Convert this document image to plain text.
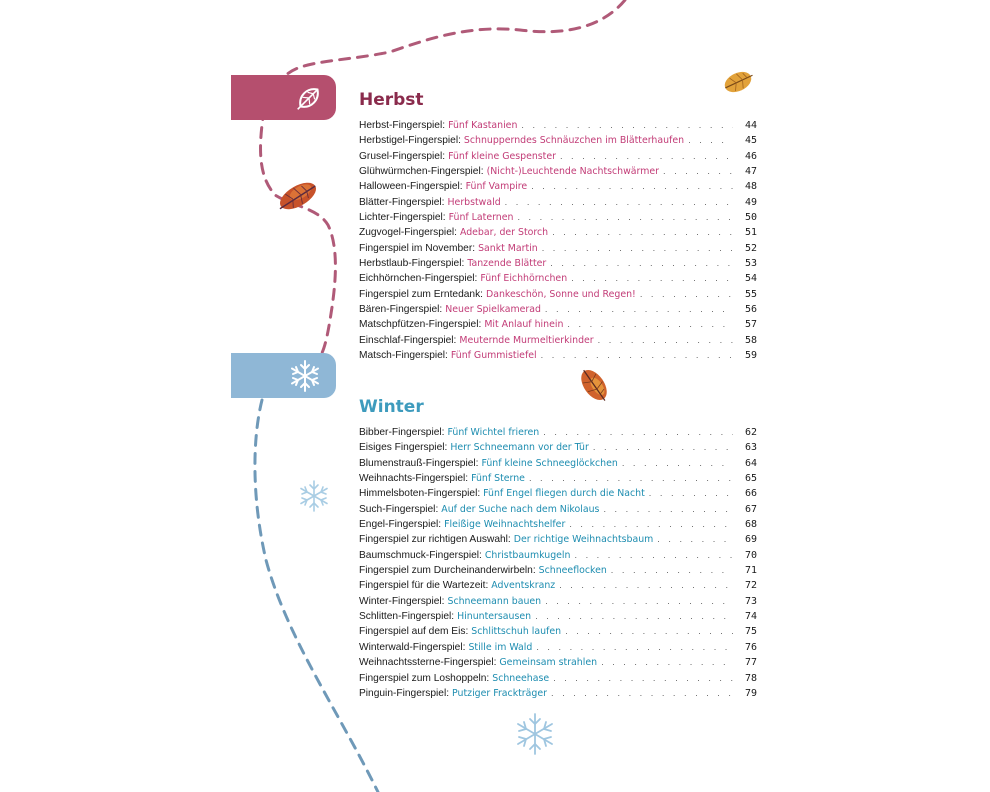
Herbst
Herbst-Fingerspiel: Fünf Kastanien . . .	44
Herbstigel-Fingerspiel: Schnupperndes Schnäuzchen im Blätterhaufen . . .	45
Grusel-Fingerspiel: Fünf kleine Gespenster . . .	46
Glühwürmchen-Fingerspiel: (Nicht-)Leuchtende Nachtschwärmer . . .	47
Halloween-Fingerspiel: Fünf Vampire . . .	48
Blätter-Fingerspiel: Herbstwald . . .	49
Lichter-Fingerspiel: Fünf Laternen . . .	50
Zugvogel-Fingerspiel: Adebar, der Storch . . .	51
Fingerspiel im November: Sankt Martin . . .	52
Herbstlaub-Fingerspiel: Tanzende Blätter . . .	53
Eichhörnchen-Fingerspiel: Fünf Eichhörnchen . . .	54
Fingerspiel zum Erntedank: Dankeschön, Sonne und Regen! . . .	55
Bären-Fingerspiel: Neuer Spielkamerad . . .	56
Matschpfützen-Fingerspiel: Mit Anlauf hinein . . .	57
Einschlaf-Fingerspiel: Meuternde Murmeltierkinder . . .	58
Matsch-Fingerspiel: Fünf Gummistiefel . . .	59
Winter
Bibber-Fingerspiel: Fünf Wichtel frieren . . .	62
Eisiges Fingerspiel: Herr Schneemann vor der Tür . . .	63
Blumenstrauß-Fingerspiel: Fünf kleine Schneeglöckchen . . .	64
Weihnachts-Fingerspiel: Fünf Sterne . . .	65
Himmelsboten-Fingerspiel: Fünf Engel fliegen durch die Nacht . . .	66
Such-Fingerspiel: Auf der Suche nach dem Nikolaus . . .	67
Engel-Fingerspiel: Fleißige Weihnachtshelfer . . .	68
Fingerspiel zur richtigen Auswahl: Der richtige Weihnachtsbaum . . .	69
Baumschmuck-Fingerspiel: Christbaumkugeln . . .	70
Fingerspiel zum Durcheinanderwirbeln: Schneeflocken . . .	71
Fingerspiel für die Wartezeit: Adventskranz . . .	72
Winter-Fingerspiel: Schneemann bauen . . .	73
Schlitten-Fingerspiel: Hinuntersausen . . .	74
Fingerspiel auf dem Eis: Schlittschuh laufen . . .	75
Winterwald-Fingerspiel: Stille im Wald . . .	76
Weihnachtssterne-Fingerspiel: Gemeinsam strahlen . . .	77
Fingerspiel zum Loshoppeln: Schneehase . . .	78
Pinguin-Fingerspiel: Putziger Frackträger . . .	79
